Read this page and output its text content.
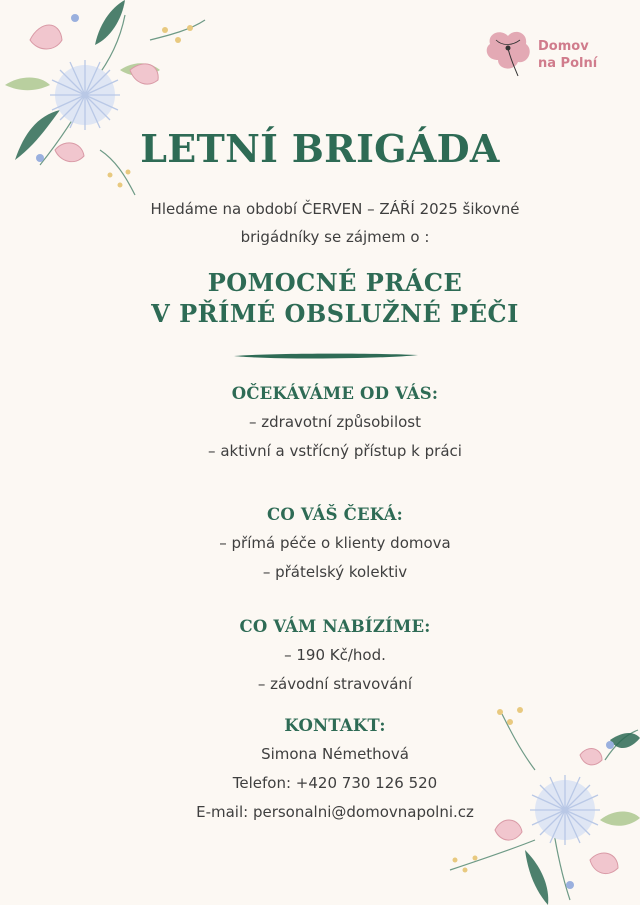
Domov
na Polní
LETNÍ BRIGÁDA
Hledáme na období ČERVEN – ZÁŘÍ 2025 šikovné
brigádníky se zájmem o :
POMOCNÉ PRÁCE
V PŘÍMÉ OBSLUŽNÉ PÉČI
OČEKÁVÁME OD VÁS:
– zdravotní způsobilost
– aktivní a vstřícný přístup k práci
CO VÁŠ ČEKÁ:
– přímá péče o klienty domova
– přátelský kolektiv
CO VÁM NABÍZÍME:
– 190 Kč/hod.
– závodní stravování
KONTAKT:
Simona Némethová
Telefon: +420 730 126 520
E-mail: personalni@domovnapolni.cz
